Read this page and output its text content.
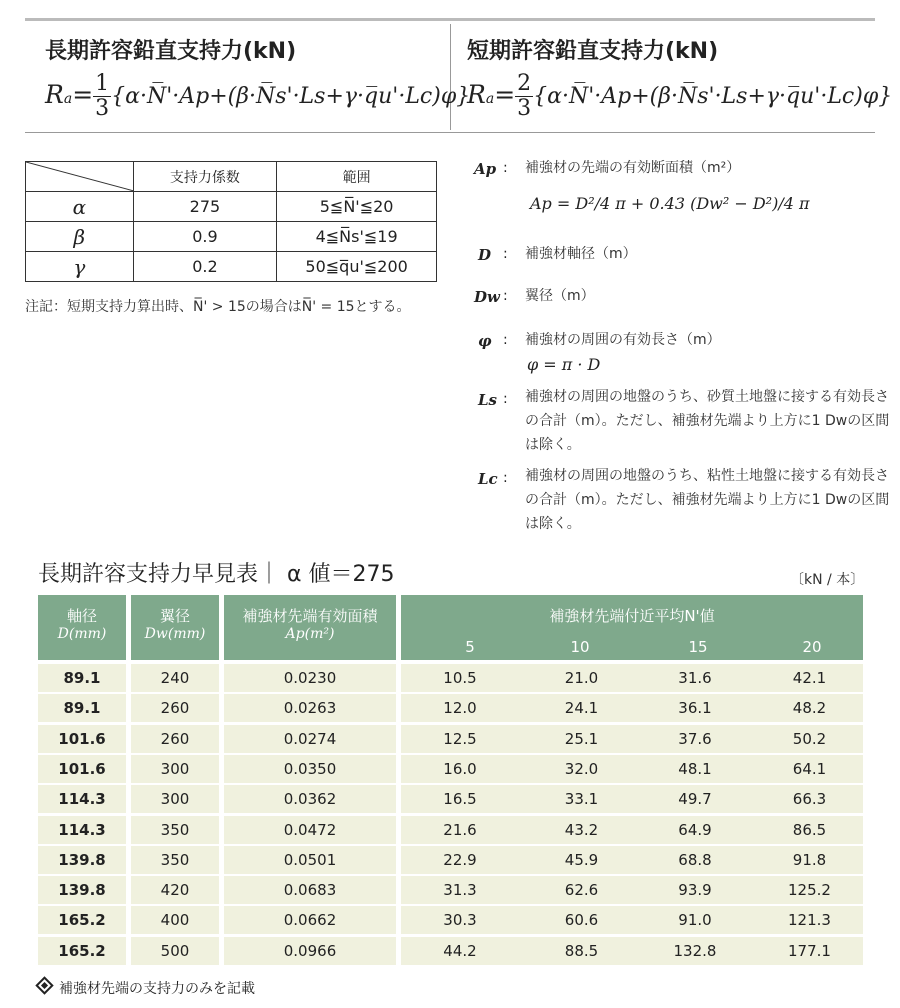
長期許容鉛直支持力(kN)
$Ra= \frac{1}{3}$ {α·N̅'·Ap+(β·N̅s'·Ls+γ·q̅u'·Lc)φ}
短期許容鉛直支持力(kN)
$Ra= \frac{2}{3}$ {α·N̅'·Ap+(β·N̅s'·Ls+γ·q̅u'·Lc)φ}
	支持力係数	範囲
α	275	5≦N̅'≦20
β	0.9	4≦N̅s'≦19
γ	0.2	50≦q̅u'≦200
注記：短期支持力算出時、N̅' > 15の場合はN̅' = 15とする。
Ap : 補強材の先端の有効断面積（m²）
Ap = D²/4 π + 0.43 (Dw² − D²)/4 π
D : 補強材軸径（m）
Dw : 翼径（m）
φ : 補強材の周囲の有効長さ（m）
φ = π · D
Ls : 補強材の周囲の地盤のうち、砂質土地盤に接する有効長さの合計（m）。ただし、補強材先端より上方に1 Dwの区間は除く。
Lc : 補強材の周囲の地盤のうち、粘性土地盤に接する有効長さの合計（m）。ただし、補強材先端より上方に1 Dwの区間は除く。
長期許容支持力早見表｜ α 値＝275	〔kN / 本〕
軸径
D(mm)
翼径
Dw(mm)
補強材先端有効面積
Ap(m²)
補強材先端付近平均N'値
5	10	15	20
89.1	240	0.0230	10.5	21.0	31.6	42.1
89.1	260	0.0263	12.0	24.1	36.1	48.2
101.6	260	0.0274	12.5	25.1	37.6	50.2
101.6	300	0.0350	16.0	32.0	48.1	64.1
114.3	300	0.0362	16.5	33.1	49.7	66.3
114.3	350	0.0472	21.6	43.2	64.9	86.5
139.8	350	0.0501	22.9	45.9	68.8	91.8
139.8	420	0.0683	31.3	62.6	93.9	125.2
165.2	400	0.0662	30.3	60.6	91.0	121.3
165.2	500	0.0966	44.2	88.5	132.8	177.1
補強材先端の支持力のみを記載
